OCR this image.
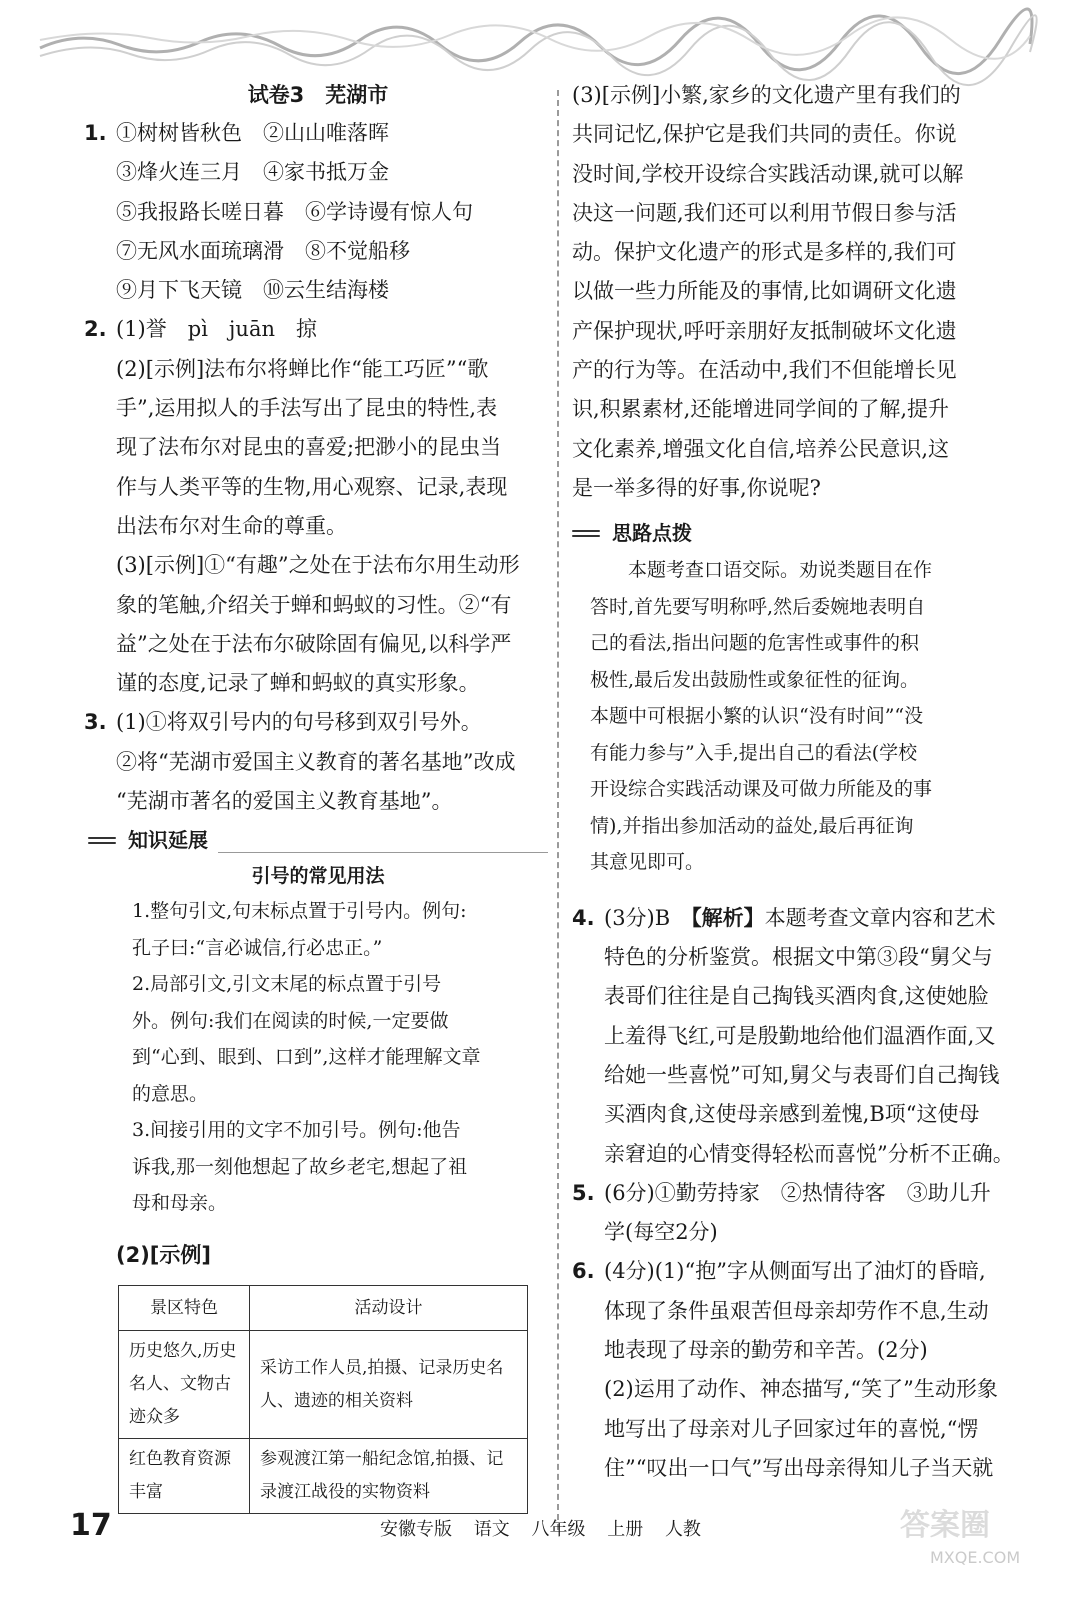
试卷3　芜湖市
1. ①树树皆秋色　②山山唯落晖
③烽火连三月　④家书抵万金
⑤我报路长嗟日暮　⑥学诗谩有惊人句
⑦无风水面琉璃滑　⑧不觉船移
⑨月下飞天镜　⑩云生结海楼
2. (1)誉　pì　juān　掠
(2)[示例]法布尔将蝉比作“能工巧匠”“歌
手”,运用拟人的手法写出了昆虫的特性,表
现了法布尔对昆虫的喜爱;把渺小的昆虫当
作与人类平等的生物,用心观察、记录,表现
出法布尔对生命的尊重。
(3)[示例]①“有趣”之处在于法布尔用生动形
象的笔触,介绍关于蝉和蚂蚁的习性。②“有
益”之处在于法布尔破除固有偏见,以科学严
谨的态度,记录了蝉和蚂蚁的真实形象。
3. (1)①将双引号内的句号移到双引号外。
②将“芜湖市爱国主义教育的著名基地”改成
“芜湖市著名的爱国主义教育基地”。
知识延展
引号的常见用法
1.整句引文,句末标点置于引号内。例句:
孔子曰:“言必诚信,行必忠正。”
2.局部引文,引文末尾的标点置于引号
外。例句:我们在阅读的时候,一定要做
到“心到、眼到、口到”,这样才能理解文章
的意思。
3.间接引用的文字不加引号。例句:他告
诉我,那一刻他想起了故乡老宅,想起了祖
母和母亲。
(2)[示例]
景区特色	活动设计
历史悠久,历史名人、文物古迹众多	采访工作人员,拍摄、记录历史名人、遗迹的相关资料
红色教育资源丰富	参观渡江第一船纪念馆,拍摄、记录渡江战役的实物资料
(3)[示例]小繁,家乡的文化遗产里有我们的
共同记忆,保护它是我们共同的责任。你说
没时间,学校开设综合实践活动课,就可以解
决这一问题,我们还可以利用节假日参与活
动。保护文化遗产的形式是多样的,我们可
以做一些力所能及的事情,比如调研文化遗
产保护现状,呼吁亲朋好友抵制破坏文化遗
产的行为等。在活动中,我们不但能增长见
识,积累素材,还能增进同学间的了解,提升
文化素养,增强文化自信,培养公民意识,这
是一举多得的好事,你说呢?
思路点拨
本题考查口语交际。劝说类题目在作
答时,首先要写明称呼,然后委婉地表明自
己的看法,指出问题的危害性或事件的积
极性,最后发出鼓励性或象征性的征询。
本题中可根据小繁的认识“没有时间”“没
有能力参与”入手,提出自己的看法(学校
开设综合实践活动课及可做力所能及的事
情),并指出参加活动的益处,最后再征询
其意见即可。
4. (3分)B　【解析】本题考查文章内容和艺术
特色的分析鉴赏。根据文中第③段“舅父与
表哥们往往是自己掏钱买酒肉食,这使她脸
上羞得飞红,可是殷勤地给他们温酒作面,又
给她一些喜悦”可知,舅父与表哥们自己掏钱
买酒肉食,这使母亲感到羞愧,B项“这使母
亲窘迫的心情变得轻松而喜悦”分析不正确。
5. (6分)①勤劳持家　②热情待客　③助儿升
学(每空2分)
6. (4分)(1)“抱”字从侧面写出了油灯的昏暗,
体现了条件虽艰苦但母亲却劳作不息,生动
地表现了母亲的勤劳和辛苦。(2分)
(2)运用了动作、神态描写,“笑了”生动形象
地写出了母亲对儿子回家过年的喜悦,“愣
住”“叹出一口气”写出母亲得知儿子当天就
17	安徽专版 语文 八年级 上册 人教	答案圈
MXQE.COM
